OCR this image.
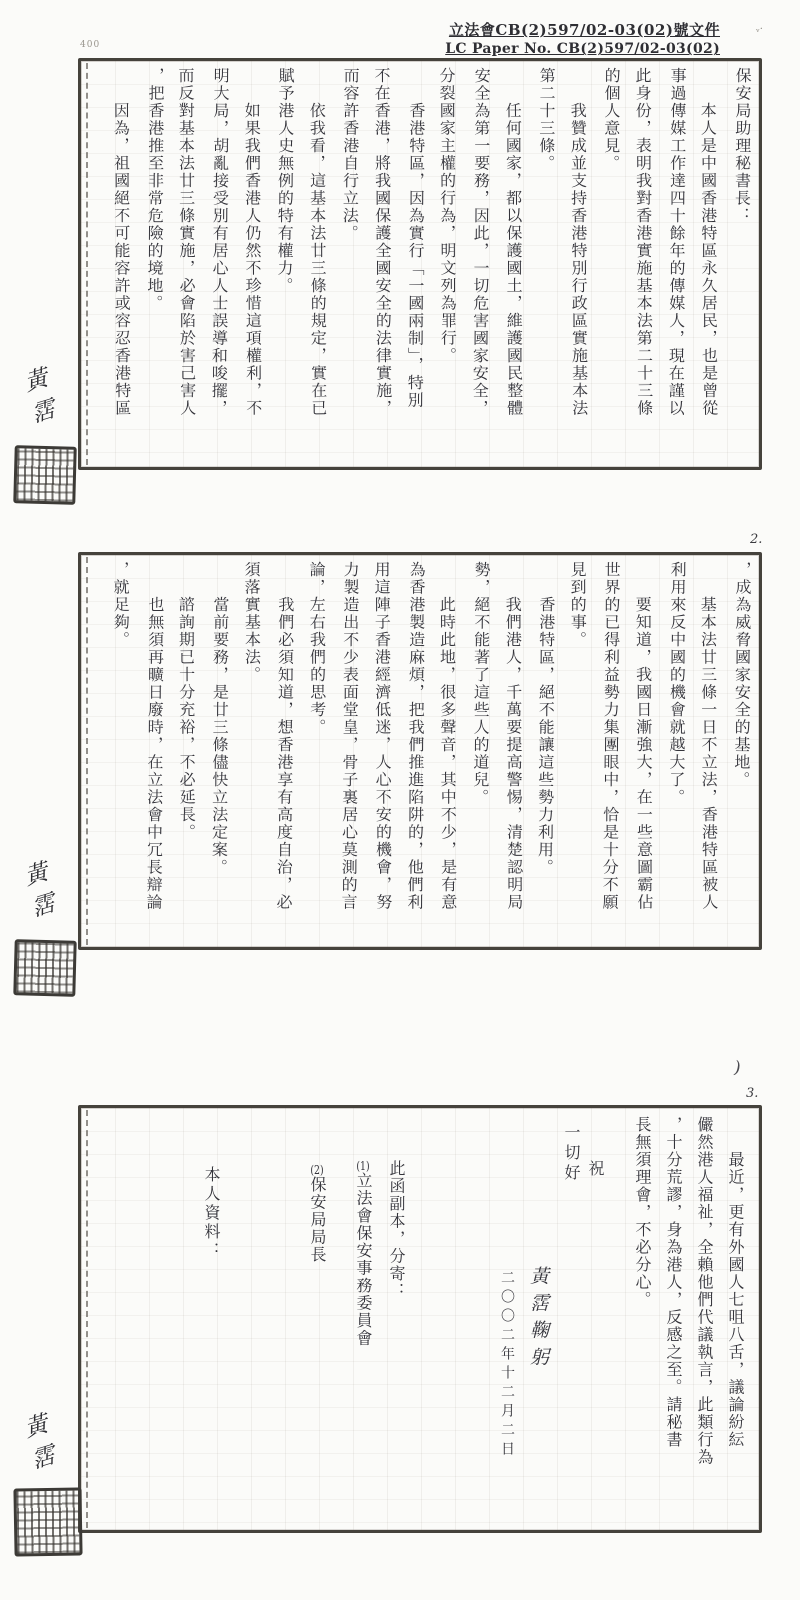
立法會CB(2)597/02-03(02)號文件
LC Paper No. CB(2)597/02-03(02)
400
ᵥ·
保安局助理秘書長：
　　本人是中國香港特區永久居民，也是曾從
事過傳媒工作達四十餘年的傳媒人，現在謹以
此身份，表明我對香港實施基本法第二十三條
的個人意見。
　　我贊成並支持香港特別行政區實施基本法
第二十三條。
　　任何國家，都以保護國土，維護國民整體
安全為第一要務，因此，一切危害國家安全，
分裂國家主權的行為，明文列為罪行。
　　香港特區，因為實行「一國兩制」，特別
不在香港，將我國保護全國安全的法律實施，
而容許香港自行立法。
　　依我看，這基本法廿三條的規定，實在已
賦予港人史無例的特有權力。
　　如果我們香港人仍然不珍惜這項權利，不
明大局，胡亂接受別有居心人士誤導和唆擺，
而反對基本法廿三條實施，必會陷於害己害人
，把香港推至非常危險的境地。
　　因為，祖國絕不可能容許或容忍香港特區
2.
，成為威脅國家安全的基地。
　　基本法廿三條一日不立法，香港特區被人
利用來反中國的機會就越大了。
　　要知道，我國日漸強大，在一些意圖霸佔
世界的已得利益勢力集團眼中，恰是十分不願
見到的事。
　　香港特區，絕不能讓這些勢力利用。
　　我們港人，千萬要提高警惕，清楚認明局
勢，絕不能著了這些人的道兒。
　　此時此地，很多聲音，其中不少，是有意
為香港製造麻煩，把我們推進陷阱的，他們利
用這陣子香港經濟低迷，人心不安的機會，努
力製造出不少表面堂皇，骨子裏居心莫測的言
論，左右我們的思考。
　　我們必須知道，想香港享有高度自治，必
須落實基本法。
　　當前要務，是廿三條儘快立法定案。
　　諮詢期已十分充裕，不必延長。
　　也無須再曠日廢時，在立法會中冗長辯論
，就足夠。
)
3.
　　最近，更有外國人七咀八舌，議論紛紜
儼然港人福祉，全賴他們代議執言，此類行為
，十分荒謬，身為港人，反感之至。請秘書
長無須理會，不必分心。
祝
一切好
黃霑鞠躬
二〇〇二年十二月二日
此函副本，分寄：
(1)立法會保安事務委員會
(2)保安局局長
本人資料：
黃霑
黃霑
黃霑
